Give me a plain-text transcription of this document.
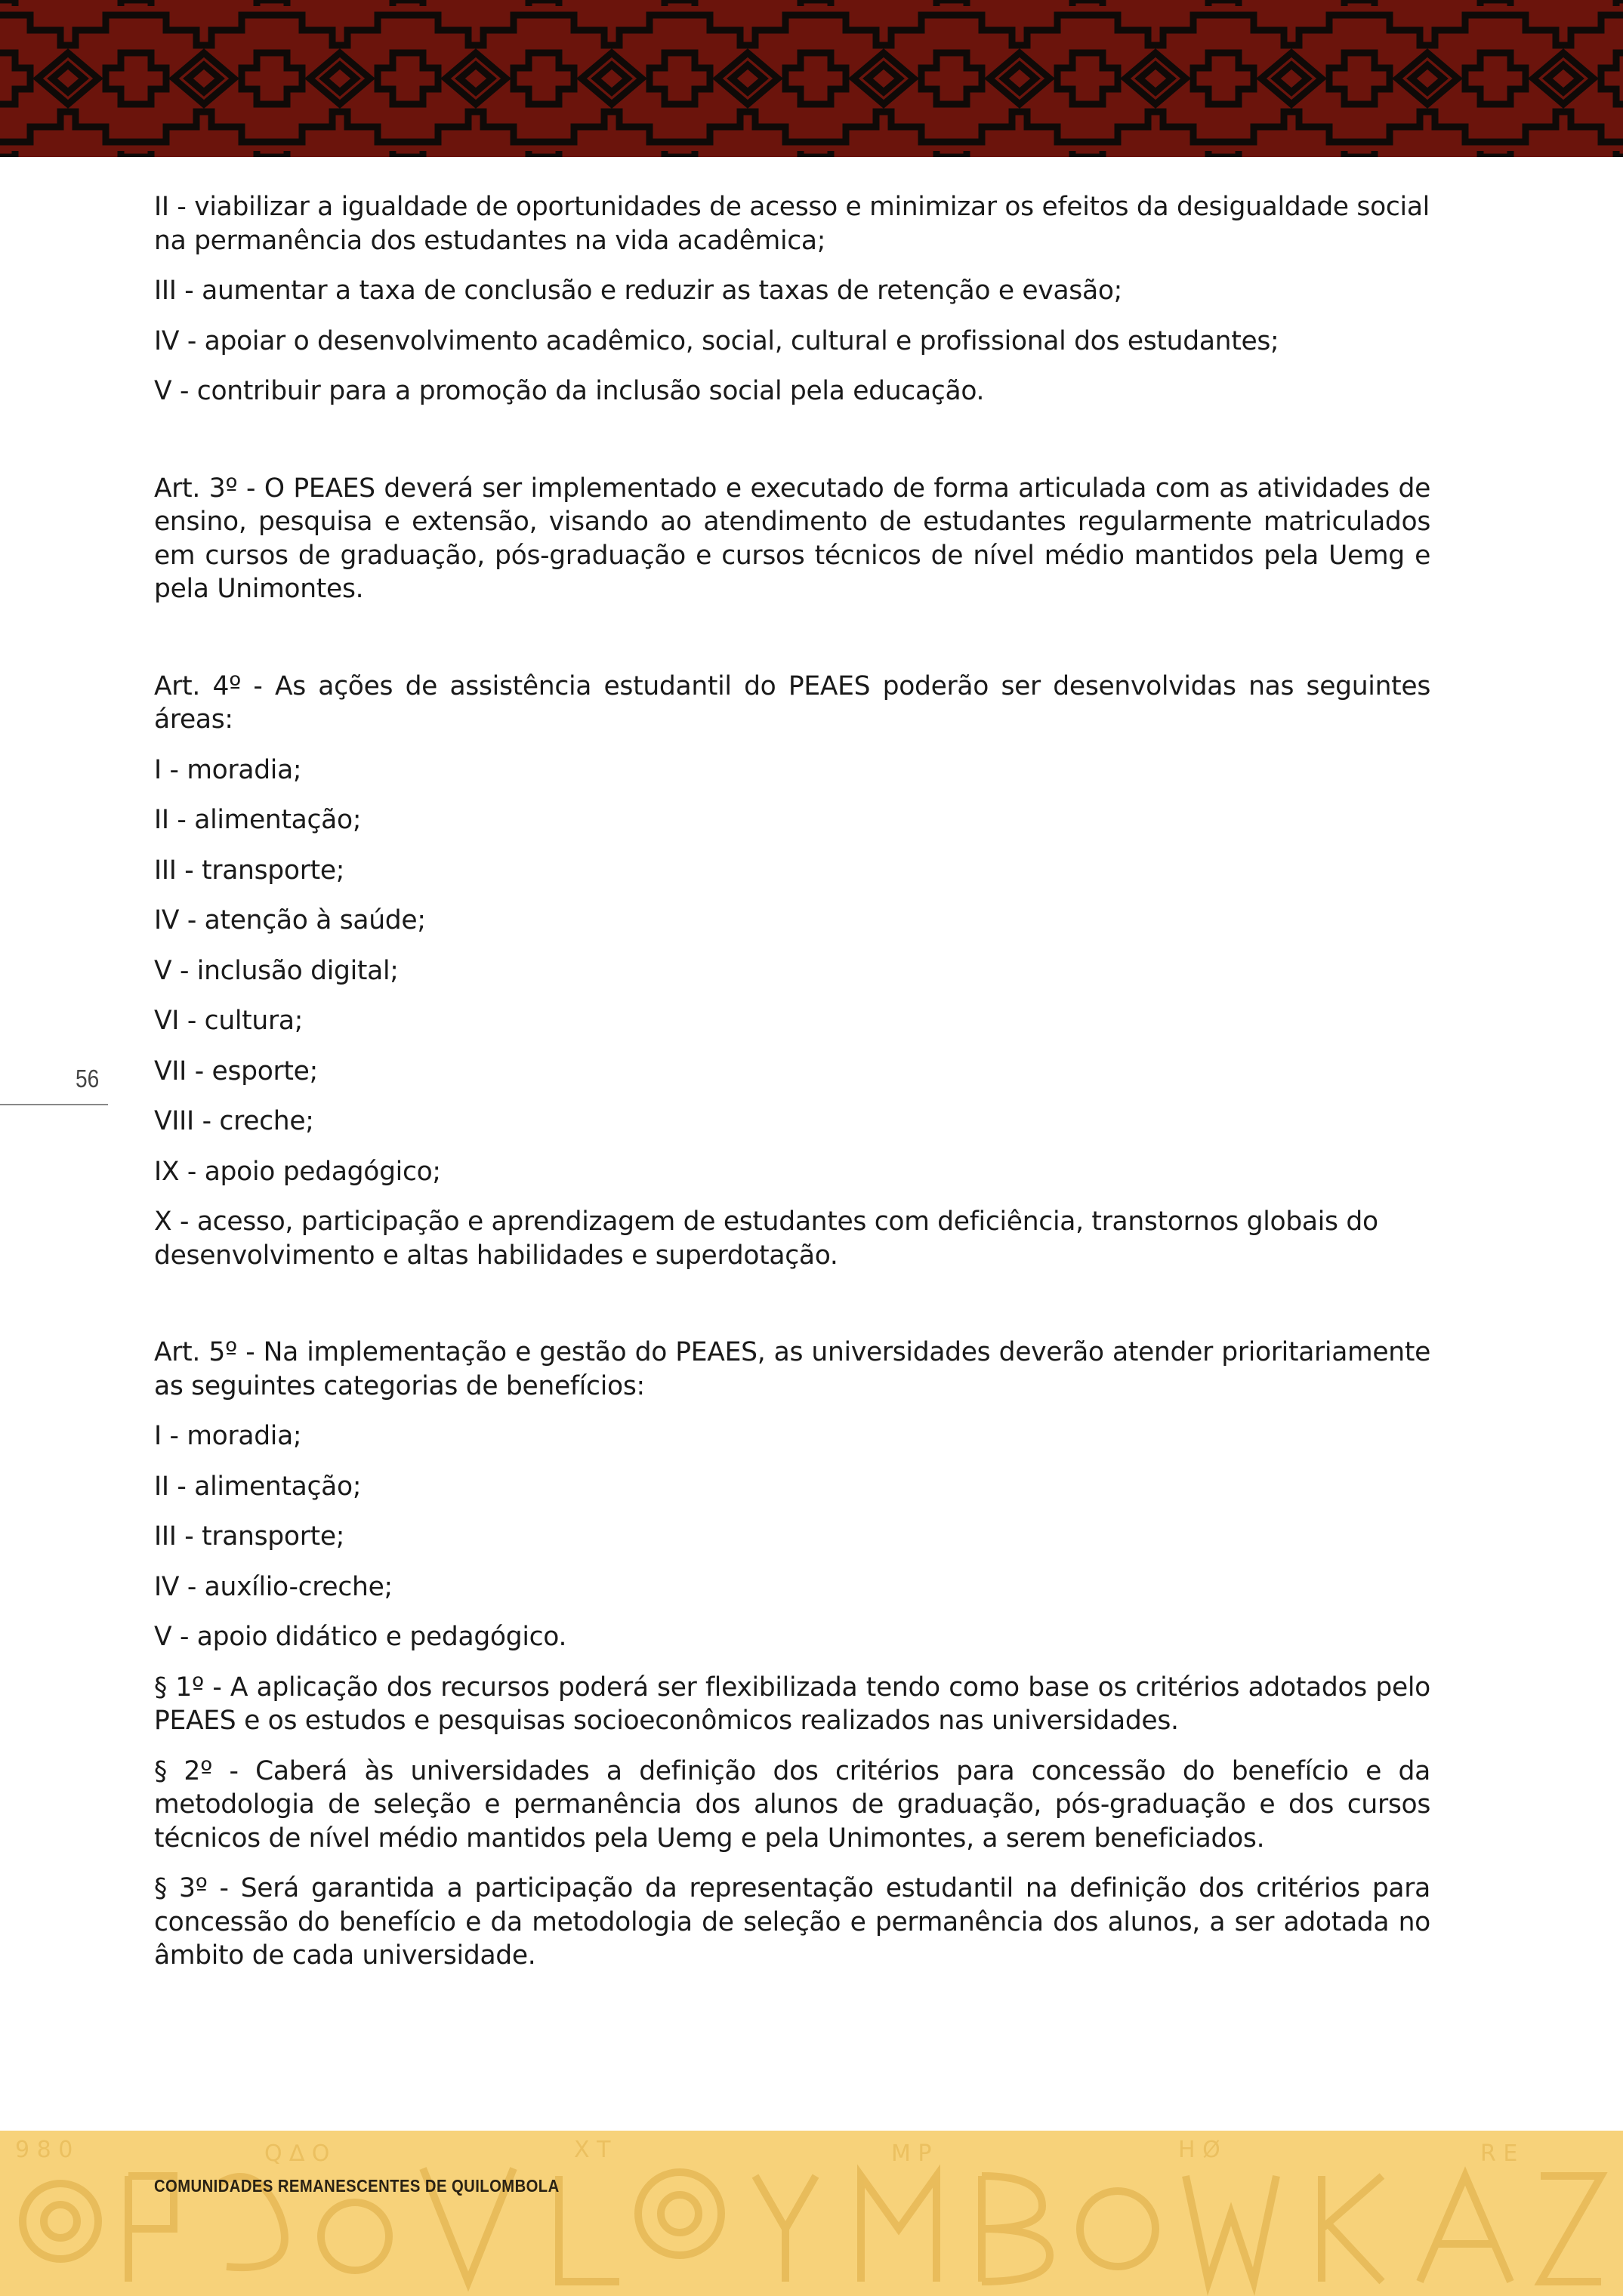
56

II - viabilizar a igualdade de oportunidades de acesso e minimizar os efeitos da desigualdade social na permanência dos estudantes na vida acadêmica;

III - aumentar a taxa de conclusão e reduzir as taxas de retenção e evasão;

IV - apoiar o desenvolvimento acadêmico, social, cultural e profissional dos estudantes;

V - contribuir para a promoção da inclusão social pela educação.

Art. 3º - O PEAES deverá ser implementado e executado de forma articulada com as atividades de ensino, pesquisa e extensão, visando ao atendimento de estudantes regularmente matriculados em cursos de graduação, pós-graduação e cursos técnicos de nível médio mantidos pela Uemg e pela Unimontes.

Art. 4º - As ações de assistência estudantil do PEAES poderão ser desenvolvidas nas seguintes áreas:

I - moradia;

II - alimentação;

III - transporte;

IV - atenção à saúde;

V - inclusão digital;

VI - cultura;

VII - esporte;

VIII - creche;

IX - apoio pedagógico;

X - acesso, participação e aprendizagem de estudantes com deficiência, transtornos globais do desenvolvimento e altas habilidades e superdotação.

Art. 5º - Na implementação e gestão do PEAES, as universidades deverão atender prioritariamente as seguintes categorias de benefícios:

I - moradia;

II - alimentação;

III - transporte;

IV - auxílio-creche;

V - apoio didático e pedagógico.

§ 1º - A aplicação dos recursos poderá ser flexibilizada tendo como base os critérios adotados pelo PEAES e os estudos e pesquisas socioeconômicos realizados nas universidades.

§ 2º - Caberá às universidades a definição dos critérios para concessão do benefício e da metodologia de seleção e permanência dos alunos de graduação, pós-graduação e dos cursos técnicos de nível médio mantidos pela Uemg e pela Unimontes, a serem beneficiados.

§ 3º - Será garantida a participação da representação estudantil na definição dos critérios para concessão do benefício e da metodologia de seleção e permanência dos alunos, a ser adotada no âmbito de cada universidade.

9 8 0	Q ∆ O	X T	M P	H Ø	R E
COMUNIDADES REMANESCENTES DE QUILOMBOLA
